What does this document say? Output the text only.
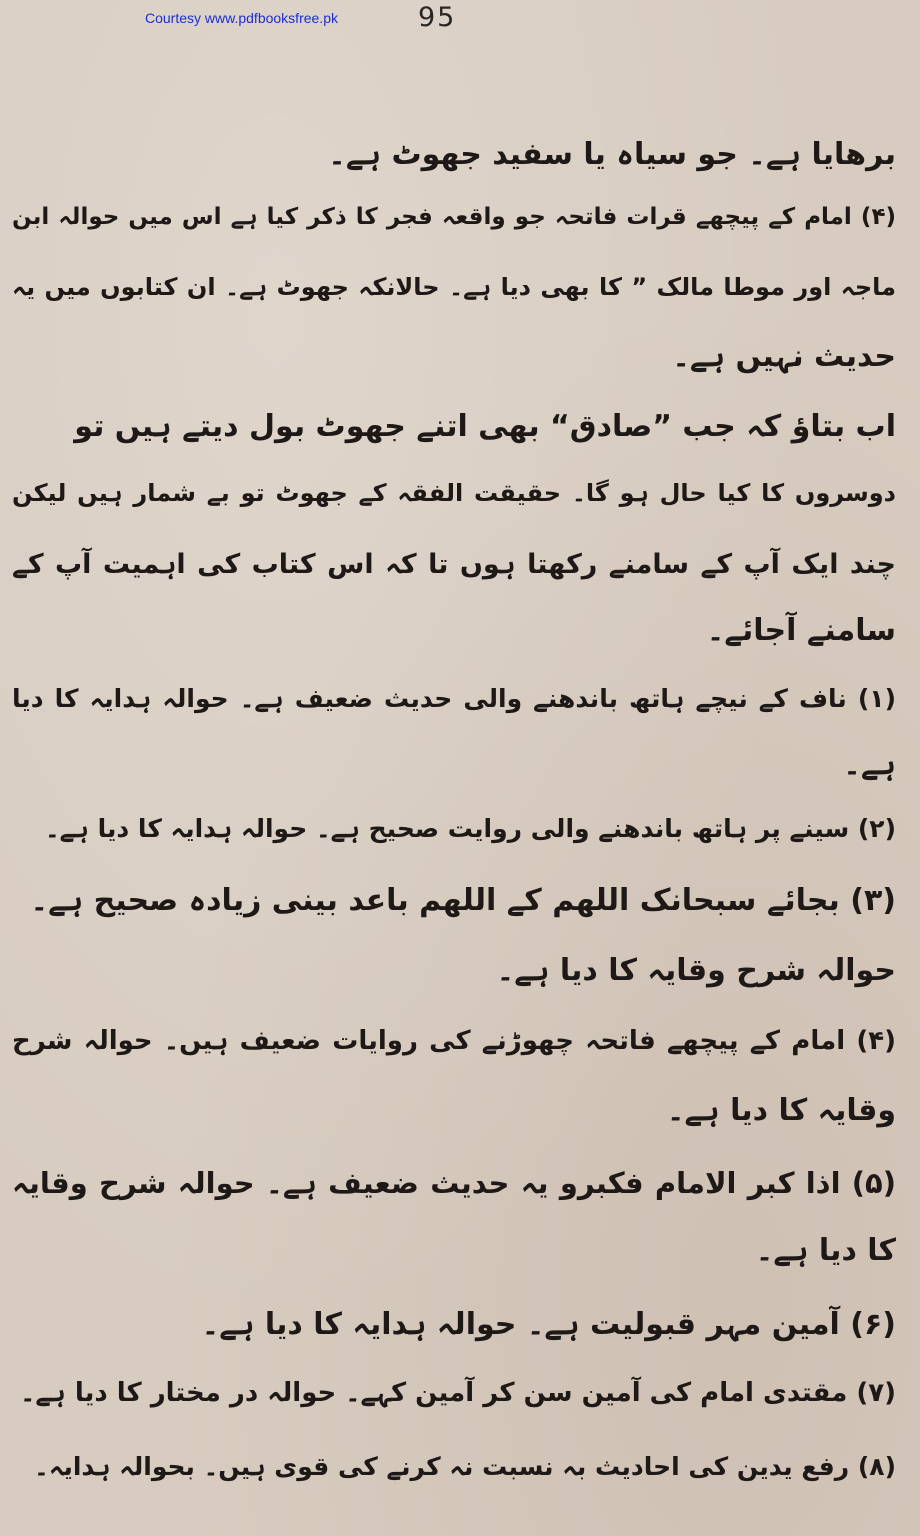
Courtesy www.pdfbooksfree.pk	95

برھایا ہے۔ جو سیاہ یا سفید جھوٹ ہے۔

(۴) امام کے پیچھے قرات فاتحہ جو واقعہ فجر کا ذکر کیا ہے اس میں حوالہ ابن

ماجہ اور موطا مالک ” کا بھی دیا ہے۔ حالانکہ جھوٹ ہے۔ ان کتابوں میں یہ

حدیث نہیں ہے۔

اب بتاؤ کہ جب ”صادق“ بھی اتنے جھوٹ بول دیتے ہیں تو

دوسروں کا کیا حال ہو گا۔ حقیقت الفقہ کے جھوٹ تو بے شمار ہیں لیکن

چند ایک آپ کے سامنے رکھتا ہوں تا کہ اس کتاب کی اہمیت آپ کے

سامنے آجائے۔

(۱) ناف کے نیچے ہاتھ باندھنے والی حدیث ضعیف ہے۔ حوالہ ہدایہ کا دیا

ہے۔

(۲) سینے پر ہاتھ باندھنے والی روایت صحیح ہے۔ حوالہ ہدایہ کا دیا ہے۔

(۳) بجائے سبحانک اللھم کے اللھم باعد بینی زیادہ صحیح ہے۔

حوالہ شرح وقایہ کا دیا ہے۔

(۴) امام کے پیچھے فاتحہ چھوڑنے کی روایات ضعیف ہیں۔ حوالہ شرح

وقایہ کا دیا ہے۔

(۵) اذا کبر الامام فکبرو یہ حدیث ضعیف ہے۔ حوالہ شرح وقایہ

کا دیا ہے۔

(۶) آمین مہر قبولیت ہے۔ حوالہ ہدایہ کا دیا ہے۔

(۷) مقتدی امام کی آمین سن کر آمین کہے۔ حوالہ در مختار کا دیا ہے۔

(۸) رفع یدین کی احادیث بہ نسبت نہ کرنے کی قوی ہیں۔ بحوالہ ہدایہ۔
